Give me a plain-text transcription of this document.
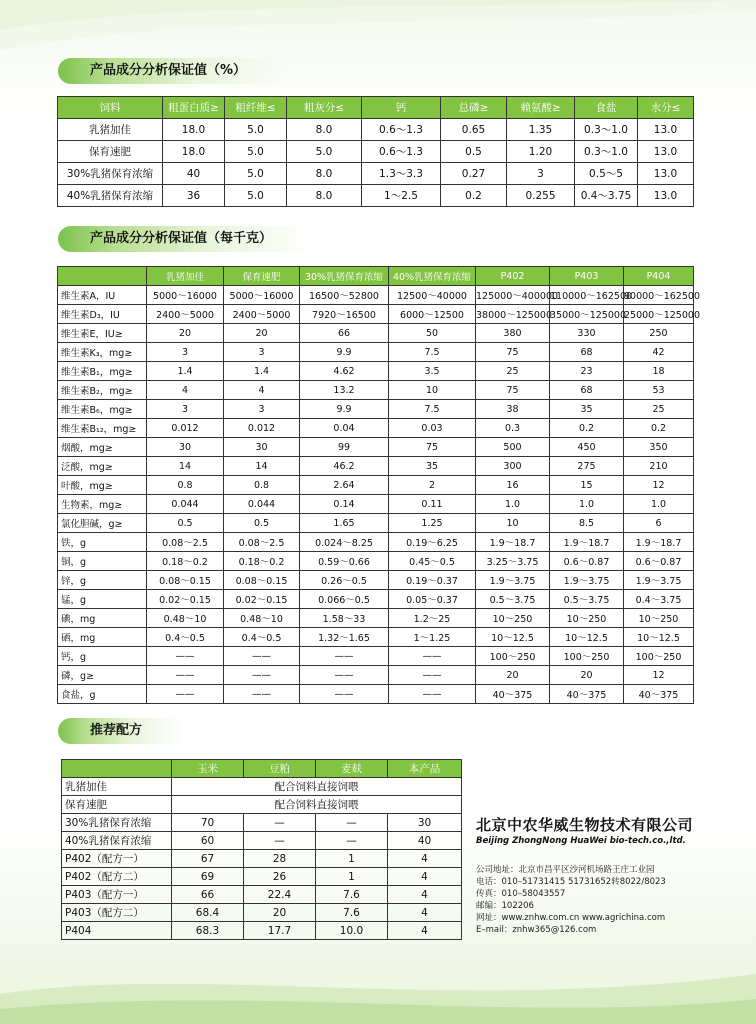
产品成分分析保证值（%）
饲料	粗蛋白质≥	粗纤维≤	粗灰分≤	钙	总磷≥	赖氨酸≥	食盐	水分≤
乳猪加佳	18.0	5.0	8.0	0.6～1.3	0.65	1.35	0.3～1.0	13.0
保育速肥	18.0	5.0	5.0	0.6～1.3	0.5	1.20	0.3～1.0	13.0
30%乳猪保育浓缩	40	5.0	8.0	1.3～3.3	0.27	3	0.5～5	13.0
40%乳猪保育浓缩	36	5.0	8.0	1～2.5	0.2	0.255	0.4～3.75	13.0
产品成分分析保证值（每千克）
	乳猪加佳	保育速肥	30%乳猪保育浓缩	40%乳猪保育浓缩	P402	P403	P404
维生素A，IU	5000～16000	5000～16000	16500～52800	12500～40000	125000～400000	110000～162500	90000～162500
维生素D₃，IU	2400～5000	2400～5000	7920～16500	6000～12500	38000～125000	35000～125000	25000～125000
维生素E，IU≥	20	20	66	50	380	330	250
维生素K₃，mg≥	3	3	9.9	7.5	75	68	42
维生素B₁，mg≥	1.4	1.4	4.62	3.5	25	23	18
维生素B₂，mg≥	4	4	13.2	10	75	68	53
维生素B₆，mg≥	3	3	9.9	7.5	38	35	25
维生素B₁₂，mg≥	0.012	0.012	0.04	0.03	0.3	0.2	0.2
烟酸，mg≥	30	30	99	75	500	450	350
泛酸，mg≥	14	14	46.2	35	300	275	210
叶酸，mg≥	0.8	0.8	2.64	2	16	15	12
生物素，mg≥	0.044	0.044	0.14	0.11	1.0	1.0	1.0
氯化胆碱，g≥	0.5	0.5	1.65	1.25	10	8.5	6
铁，g	0.08～2.5	0.08～2.5	0.024～8.25	0.19～6.25	1.9～18.7	1.9～18.7	1.9～18.7
铜，g	0.18～0.2	0.18～0.2	0.59～0.66	0.45～0.5	3.25～3.75	0.6～0.87	0.6～0.87
锌，g	0.08～0.15	0.08～0.15	0.26～0.5	0.19～0.37	1.9～3.75	1.9～3.75	1.9～3.75
锰，g	0.02～0.15	0.02～0.15	0.066～0.5	0.05～0.37	0.5～3.75	0.5～3.75	0.4～3.75
碘，mg	0.48～10	0.48～10	1.58～33	1.2～25	10～250	10～250	10～250
硒，mg	0.4～0.5	0.4～0.5	1.32～1.65	1～1.25	10～12.5	10～12.5	10～12.5
钙，g	——	——	——	——	100～250	100～250	100～250
磷，g≥	——	——	——	——	20	20	12
食盐，g	——	——	——	——	40～375	40～375	40～375
推荐配方
	玉米	豆粕	麦麸	本产品
乳猪加佳	配合饲料直接饲喂			
保育速肥	配合饲料直接饲喂			
30%乳猪保育浓缩	70	—	—	30
40%乳猪保育浓缩	60	—	—	40
P402（配方一）	67	28	1	4
P402（配方二）	69	26	1	4
P403（配方一）	66	22.4	7.6	4
P403（配方二）	68.4	20	7.6	4
P404	68.3	17.7	10.0	4
北京中农华威生物技术有限公司
Beijing ZhongNong HuaWei bio-tech.co.,ltd.
公司地址：北京市昌平区沙河机场路王庄工业园
电话：010–51731415 51731652转8022/8023
传真：010–58043557
邮编：102206
网址：www.znhw.com.cn www.agrichina.com
E–mail：znhw365@126.com
